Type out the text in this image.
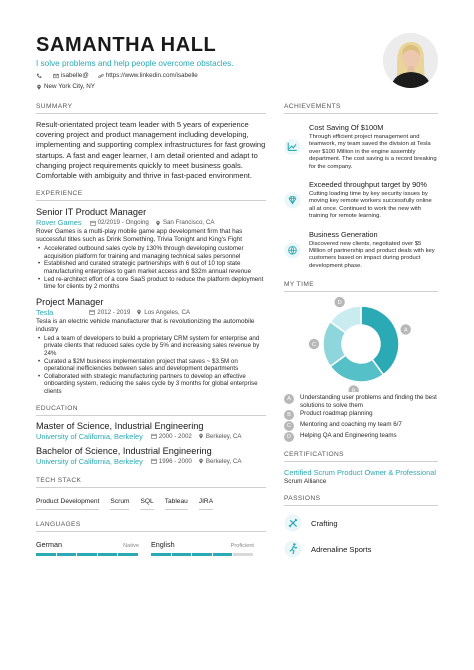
SAMANTHA HALL
I solve problems and help people overcome obstacles.
isabelle@	https://www.linkedin.com/isabelle
New York City, NY
SUMMARY
Result-orientated project team leader with 5 years of experience covering project and product management including developing, implementing and supporting complex infrastructures for fast growing startups. A fast and eager learner, I am detail oriented and adapt to changing project requirements quickly to meet business goals. Comfortable with ambiguity and thrive in fast-paced environment.
EXPERIENCE
Senior IT Product Manager
Rover Games	02/2019 - Ongoing San Francisco, CA
Rover Games is a multi-play mobile game app development firm that has successful titles such as Drink Something, Trivia Tonight and King's Fight
• Accelerated outbound sales cycle by 130% through developing customer acquisition platform for training and managing technical sales personnel
• Established and curated strategic partnerships with 6 out of 10 top state manufacturing enterprises to gain market access and $32m annual revenue
• Led re-architect effort of a core SaaS product to reduce the platform deployment time for clients by 2 months
Project Manager
Tesla	2012 - 2019 Los Angeles, CA
Tesla is an electric vehicle manufacturer that is revolutionizing the automobile industry
• Led a team of developers to build a proprietary CRM system for enterprise and private clients that reduced sales cycle by 5% and increasing sales revenue by 24%
• Curated a $2M business implementation project that saves ~ $3.5M on operational inefficiencies between sales and development departments
• Collaborated with strategic manufacturing partners to develop an effective onboarding system, reducing the sales cycle by 3 months for global enterprise clients
EDUCATION
Master of Science, Industrial Engineering
University of California, Berkeley	2000 - 2002 Berkeley, CA
Bachelor of Science, Industrial Engineering
University of California, Berkeley	1996 - 2000 Berkeley, CA
TECH STACK
Product Development Scrum SQL Tableau JIRA
LANGUAGES
German	Native English	Proficient
ACHIEVEMENTS
Cost Saving Of $100M
Through efficient project management and teamwork, my team saved the division at Tesla over $100 Million in the engine assembly department. The cost saving is a record breaking for the company.
Exceeded throughput target by 90%
Cutting loading time by key security issues by moving key remote workers successfully online all at once. Continued to work the new with training for remote learning.
Business Generation
Discovered new clients, negotiated over $5 Million of partnership and product deals with key customers based on impact during product development phase.
MY TIME
A
B
C
D
A	Understanding user problems and finding the best solutions to solve them
B	Product roadmap planning
C	Mentoring and coaching my team 6/7
D	Helping QA and Engineering teams
CERTIFICATIONS
Certified Scrum Product Owner & Professional
Scrum Alliance
PASSIONS
Crafting
Adrenaline Sports
